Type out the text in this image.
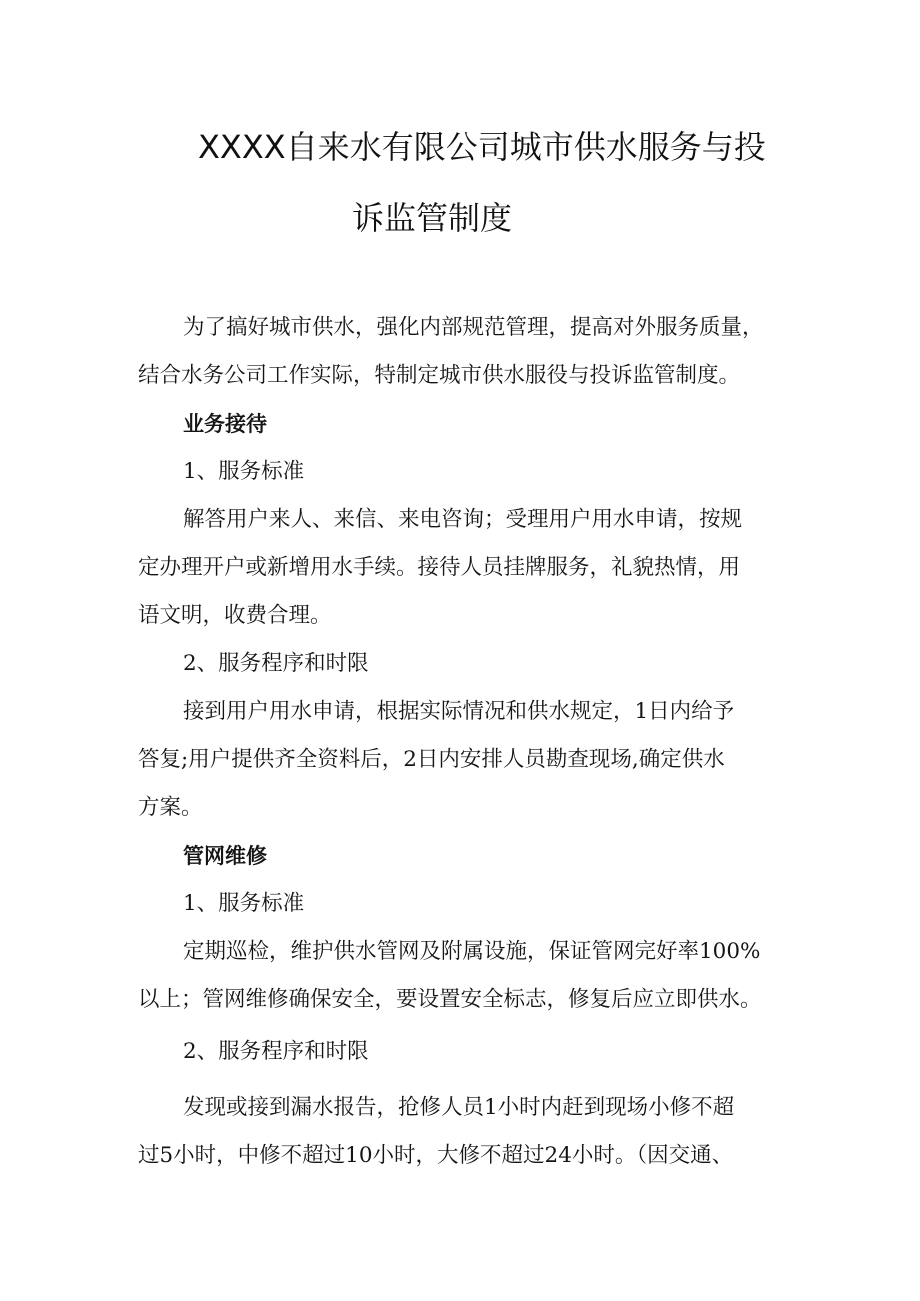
XXXX自来水有限公司城市供水服务与投
诉监管制度
为了搞好城市供水，强化内部规范管理，提高对外服务质量，
结合水务公司工作实际，特制定城市供水服役与投诉监管制度。
业务接待
1、服务标准
解答用户来人、来信、来电咨询；受理用户用水申请，按规
定办理开户或新增用水手续。接待人员挂牌服务，礼貌热情，用
语文明，收费合理。
2、服务程序和时限
接到用户用水申请，根据实际情况和供水规定，1日内给予
答复;用户提供齐全资料后，2日内安排人员勘查现场,确定供水
方案。
管网维修
1、服务标准
定期巡检，维护供水管网及附属设施，保证管网完好率100%
以上；管网维修确保安全，要设置安全标志，修复后应立即供水。
2、服务程序和时限
发现或接到漏水报告，抢修人员1小时内赶到现场小修不超
过5小时，中修不超过10小时，大修不超过24小时。（因交通、
